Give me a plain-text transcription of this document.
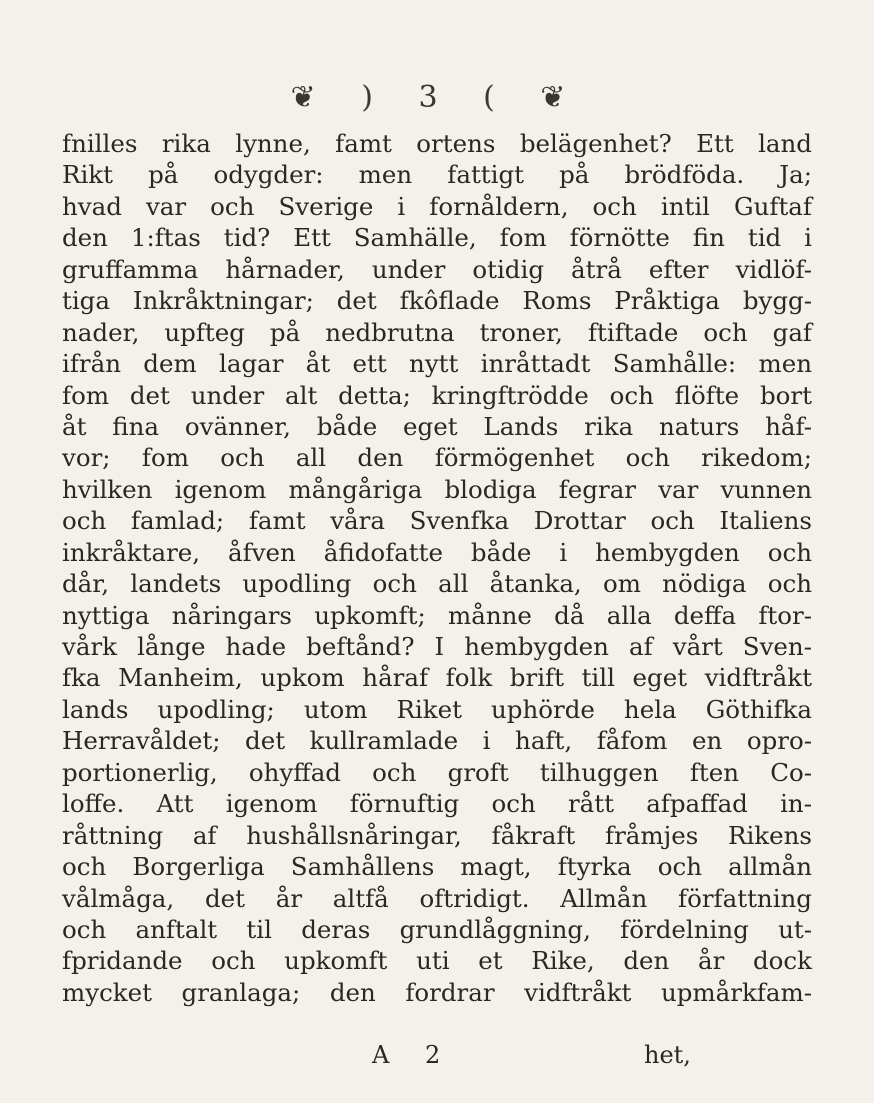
❦ ) 3 ( ❦
fnilles rika lynne, famt ortens belägenhet? Ett land
Rikt på odygder: men fattigt på brödföda. Ja;
hvad var och Sverige i fornåldern, och intil Guftaf
den 1:ftas tid? Ett Samhälle, fom förnötte fin tid i
gruffamma hårnader, under otidig åtrå efter vidlöf-
tiga Inkråktningar; det fkôflade Roms Pråktiga bygg-
nader, upfteg på nedbrutna troner, ftiftade och gaf
ifrån dem lagar åt ett nytt inråttadt Samhålle: men
fom det under alt detta; kringftrödde och flöfte bort
åt fina ovänner, både eget Lands rika naturs håf-
vor; fom och all den förmögenhet och rikedom;
hvilken igenom mångåriga blodiga fegrar var vunnen
och famlad; famt våra Svenfka Drottar och Italiens
inkråktare, åfven åfidofatte både i hembygden och
dår, landets upodling och all åtanka, om nödiga och
nyttiga nåringars upkomft; månne då alla deffa ftor-
vårk långe hade beftånd? I hembygden af vårt Sven-
fka Manheim, upkom håraf folk brift till eget vidftråkt
lands upodling; utom Riket uphörde hela Göthifka
Herravåldet; det kullramlade i haft, fåfom en opro-
portionerlig, ohyffad och groft tilhuggen ften Co-
loffe. Att igenom förnuftig och rått afpaffad in-
råttning af hushållsnåringar, fåkraft fråmjes Rikens
och Borgerliga Samhållens magt, ftyrka och allmån
vålmåga, det år altfå oftridigt. Allmån författning
och anftalt til deras grundlåggning, fördelning ut-
fpridande och upkomft uti et Rike, den år dock
mycket granlaga; den fordrar vidftråkt upmårkfam-
A 2	het,
